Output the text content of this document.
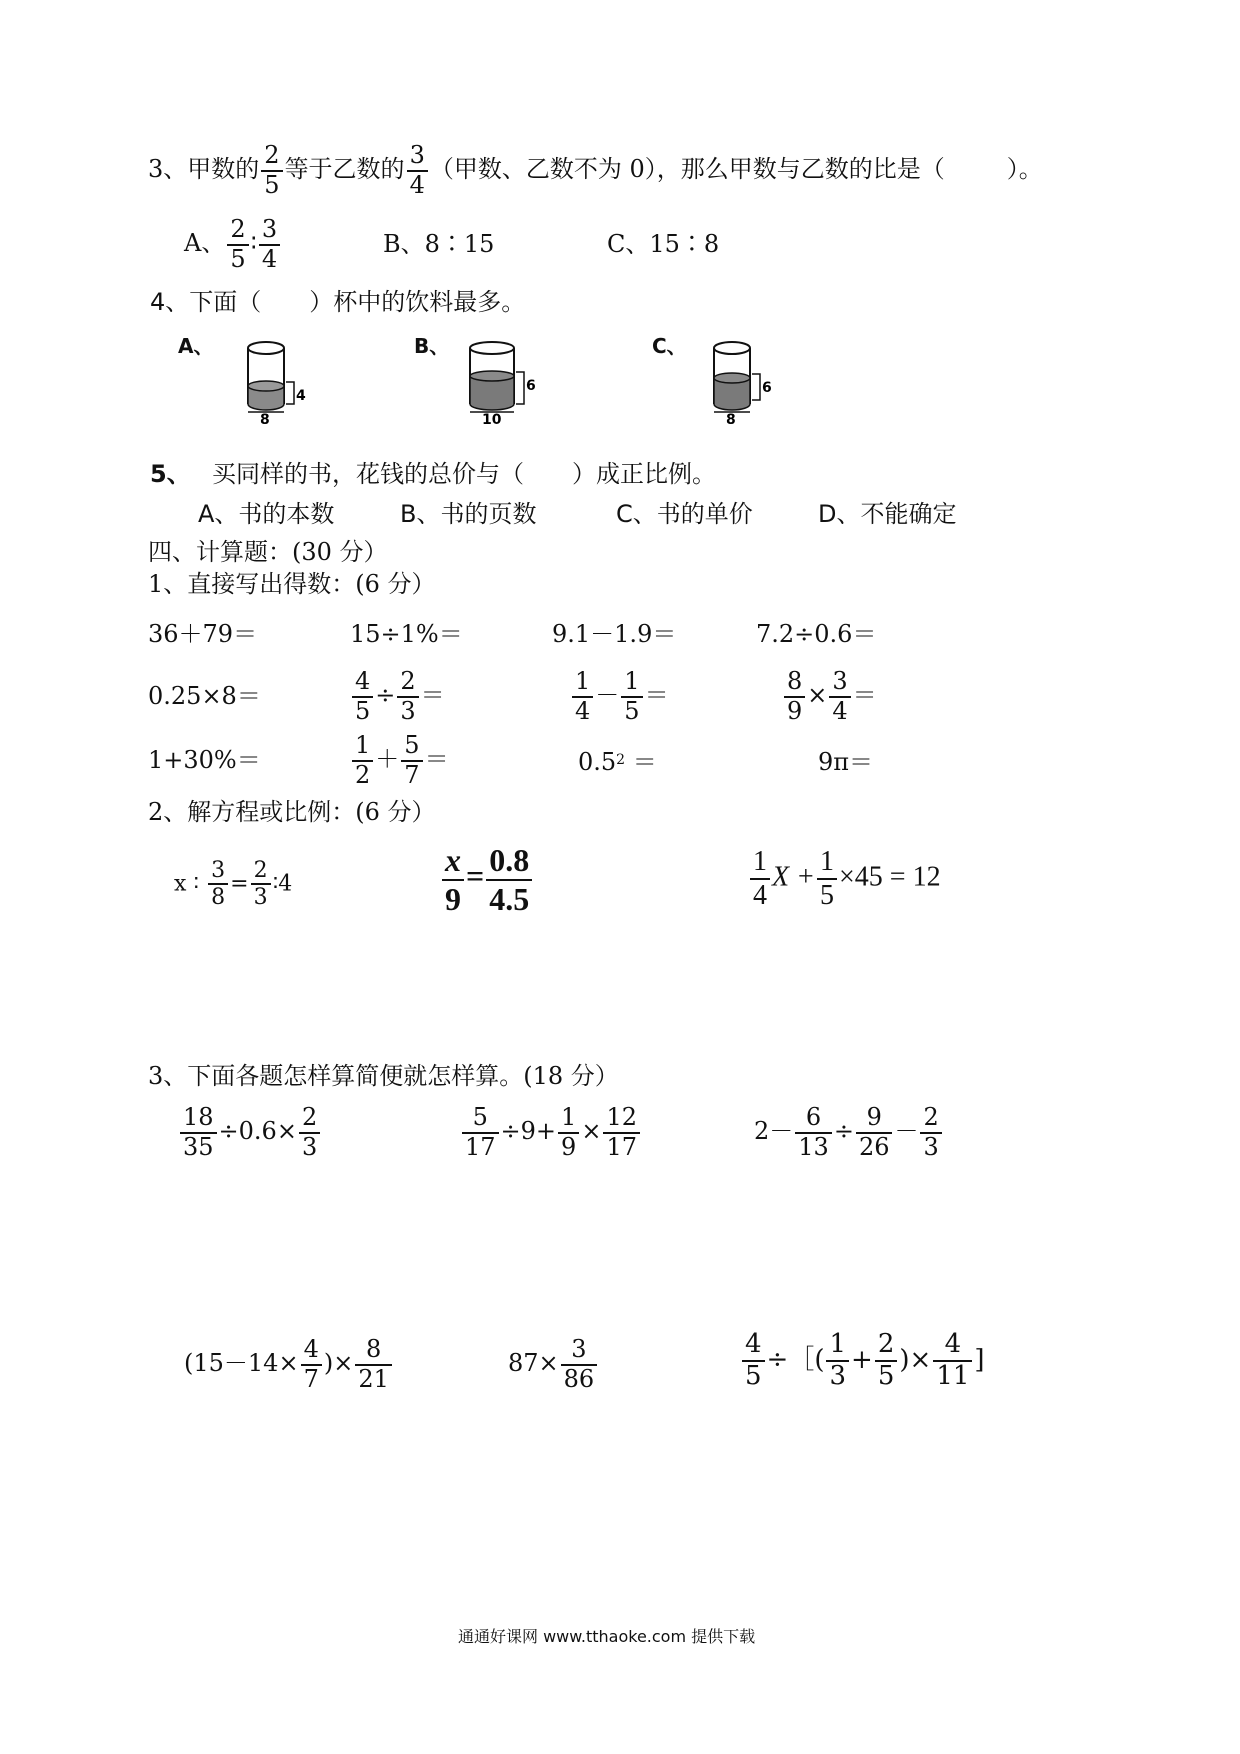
3、甲数的 $\frac{2}{5}$ 等于乙数的 $\frac{3}{4}$ （甲数、乙数不为 0），那么甲数与乙数的比是（	）。
A、 $\frac{2}{5}$ ∶ $\frac{3}{4}$	B、8∶15	C、15∶8
4、下面（　　）杯中的饮料最多。
A、
4
8
B、
6
10
C、
6
8
5、 买同样的书，花钱的总价与（　　）成正比例。
A、书的本数	B、书的页数	C、书的单价	D、不能确定
四、计算题：(30 分）
1、直接写出得数：(6 分）
36＋79＝	15÷1%＝	9.1－1.9＝	7.2÷0.6＝
0.25×8＝	$\frac{4}{5} \div \frac{2}{3}$ ＝	$\frac{1}{4} - \frac{1}{5}$ ＝	$\frac{8}{9} \times \frac{3}{4}$ ＝
1+30%＝	$\frac{1}{2} + \frac{5}{7}$ ＝	$0.5^2$ ＝	9π＝
2、解方程或比例：(6 分）
x ∶ $\frac{3}{8} = \frac{2}{3}$ ∶4	$\frac{x}{9} = \frac{0.8}{4.5}$	$\frac{1}{4}$ $X + \frac{1}{5} \times 45 = 12$
3、下面各题怎样算简便就怎样算。(18 分）
$\frac{18}{35} \div 0.6\times \frac{2}{3}$	$\frac{5}{17} \div 9+ \frac{1}{9} \times \frac{12}{17}$	$2- \frac{6}{13} \div \frac{9}{26} - \frac{2}{3}$
($15-14\times \frac{4}{7}$ )× $\frac{8}{21}$	$87\times \frac{3}{86}$	$\frac{4}{5}$ ÷［( $\frac{1}{3} + \frac{2}{5}$ )× $\frac{4}{11}$ ]
通通好课网 www.tthaoke.com 提供下载
